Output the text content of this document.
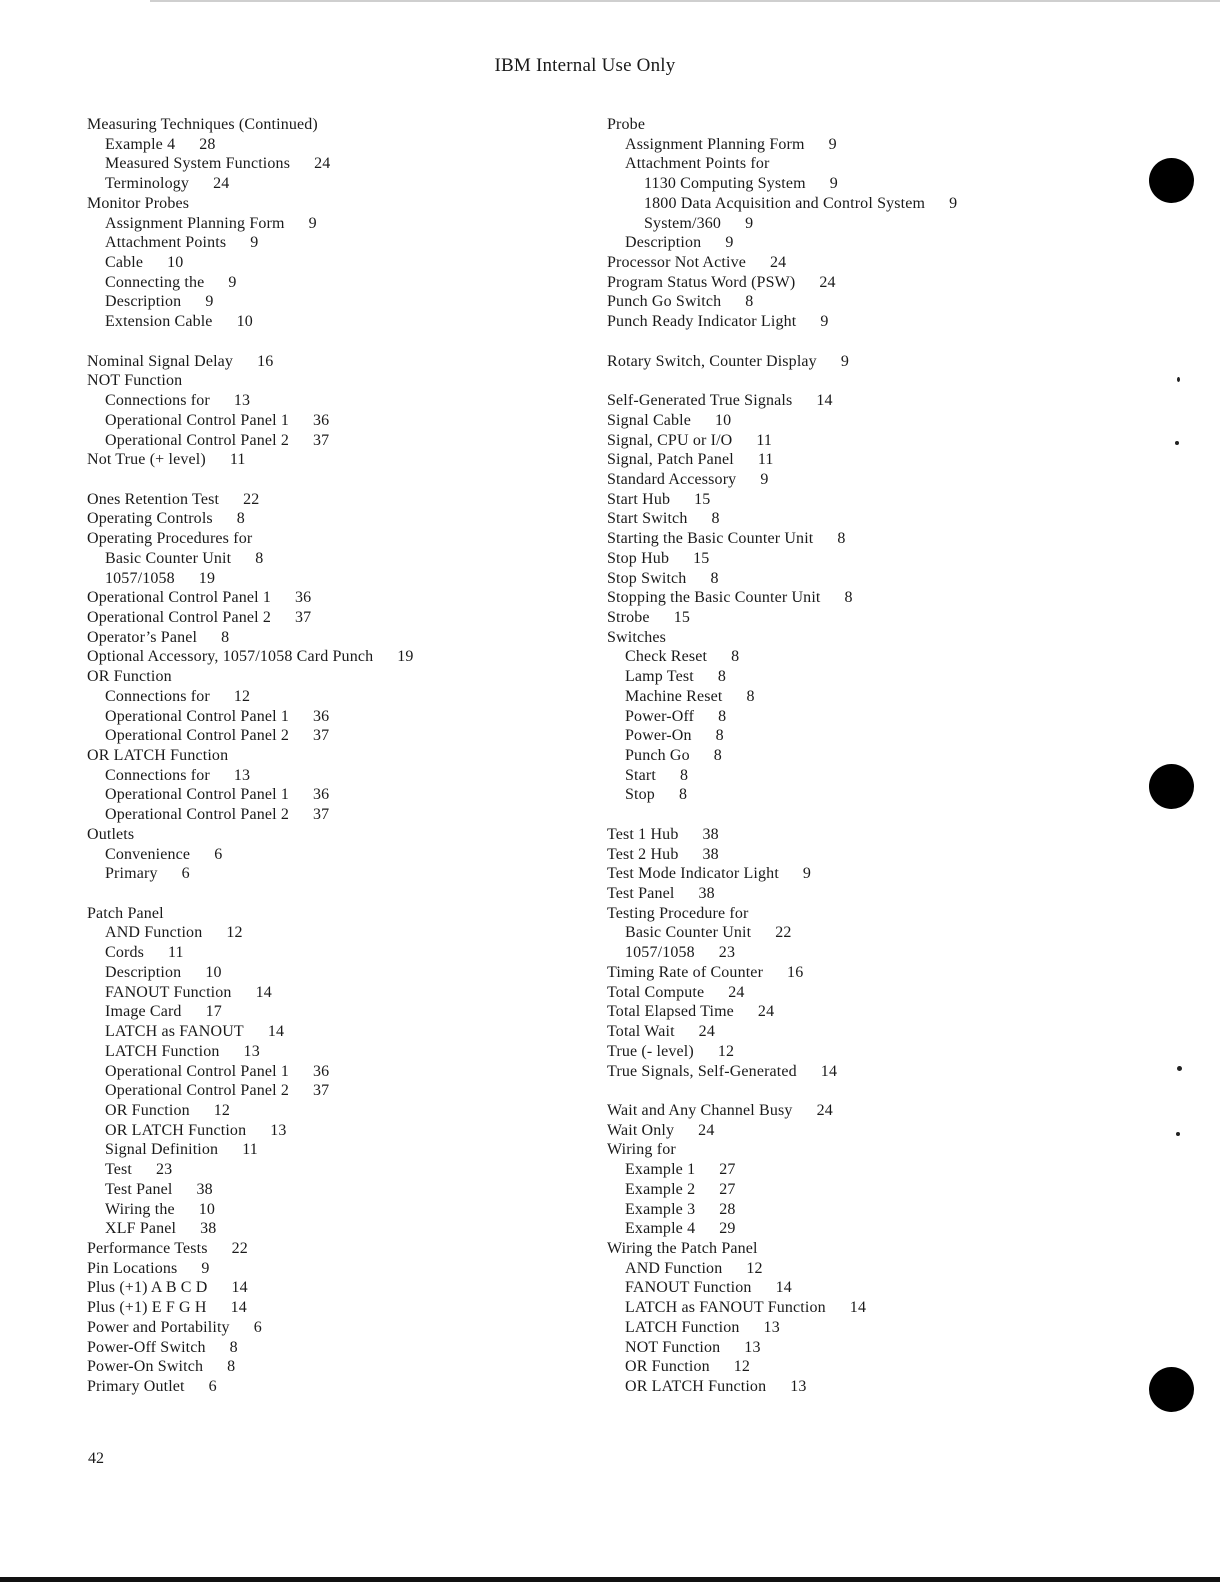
IBM Internal Use Only
Measuring Techniques (Continued)
Example 4 28
Measured System Functions 24
Terminology 24
Monitor Probes
Assignment Planning Form 9
Attachment Points 9
Cable 10
Connecting the 9
Description 9
Extension Cable 10
Nominal Signal Delay 16
NOT Function
Connections for 13
Operational Control Panel 1 36
Operational Control Panel 2 37
Not True (+ level) 11
Ones Retention Test 22
Operating Controls 8
Operating Procedures for
Basic Counter Unit 8
1057/1058 19
Operational Control Panel 1 36
Operational Control Panel 2 37
Operator’s Panel 8
Optional Accessory, 1057/1058 Card Punch 19
OR Function
Connections for 12
Operational Control Panel 1 36
Operational Control Panel 2 37
OR LATCH Function
Connections for 13
Operational Control Panel 1 36
Operational Control Panel 2 37
Outlets
Convenience 6
Primary 6
Patch Panel
AND Function 12
Cords 11
Description 10
FANOUT Function 14
Image Card 17
LATCH as FANOUT 14
LATCH Function 13
Operational Control Panel 1 36
Operational Control Panel 2 37
OR Function 12
OR LATCH Function 13
Signal Definition 11
Test 23
Test Panel 38
Wiring the 10
XLF Panel 38
Performance Tests 22
Pin Locations 9
Plus (+1) A B C D 14
Plus (+1) E F G H 14
Power and Portability 6
Power-Off Switch 8
Power-On Switch 8
Primary Outlet 6
Probe
Assignment Planning Form 9
Attachment Points for
1130 Computing System 9
1800 Data Acquisition and Control System 9
System/360 9
Description 9
Processor Not Active 24
Program Status Word (PSW) 24
Punch Go Switch 8
Punch Ready Indicator Light 9
Rotary Switch, Counter Display 9
Self-Generated True Signals 14
Signal Cable 10
Signal, CPU or I/O 11
Signal, Patch Panel 11
Standard Accessory 9
Start Hub 15
Start Switch 8
Starting the Basic Counter Unit 8
Stop Hub 15
Stop Switch 8
Stopping the Basic Counter Unit 8
Strobe 15
Switches
Check Reset 8
Lamp Test 8
Machine Reset 8
Power-Off 8
Power-On 8
Punch Go 8
Start 8
Stop 8
Test 1 Hub 38
Test 2 Hub 38
Test Mode Indicator Light 9
Test Panel 38
Testing Procedure for
Basic Counter Unit 22
1057/1058 23
Timing Rate of Counter 16
Total Compute 24
Total Elapsed Time 24
Total Wait 24
True (- level) 12
True Signals, Self-Generated 14
Wait and Any Channel Busy 24
Wait Only 24
Wiring for
Example 1 27
Example 2 27
Example 3 28
Example 4 29
Wiring the Patch Panel
AND Function 12
FANOUT Function 14
LATCH as FANOUT Function 14
LATCH Function 13
NOT Function 13
OR Function 12
OR LATCH Function 13
42
